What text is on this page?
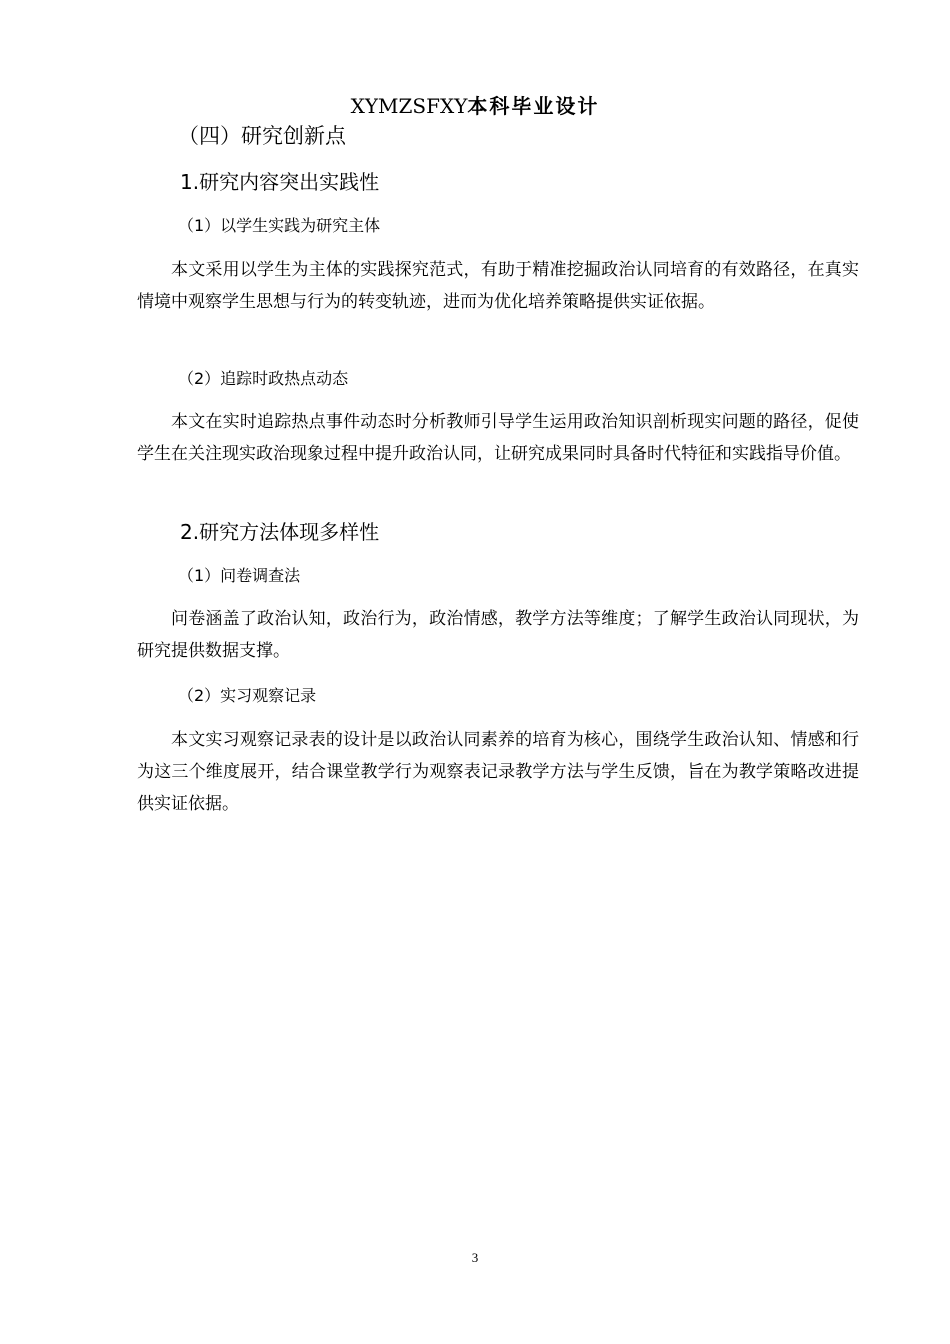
XYMZSFXY本科毕业设计
（四）研究创新点
1.研究内容突出实践性
（1）以学生实践为研究主体

本文采用以学生为主体的实践探究范式，有助于精准挖掘政治认同培育的有效路径，在真实情境中观察学生思想与行为的转变轨迹，进而为优化培养策略提供实证依据。

（2）追踪时政热点动态

本文在实时追踪热点事件动态时分析教师引导学生运用政治知识剖析现实问题的路径，促使学生在关注现实政治现象过程中提升政治认同，让研究成果同时具备时代特征和实践指导价值。

2.研究方法体现多样性
（1）问卷调查法

问卷涵盖了政治认知，政治行为，政治情感，教学方法等维度；了解学生政治认同现状，为研究提供数据支撑。

（2）实习观察记录

本文实习观察记录表的设计是以政治认同素养的培育为核心，围绕学生政治认知、情感和行为这三个维度展开，结合课堂教学行为观察表记录教学方法与学生反馈，旨在为教学策略改进提供实证依据。

3
